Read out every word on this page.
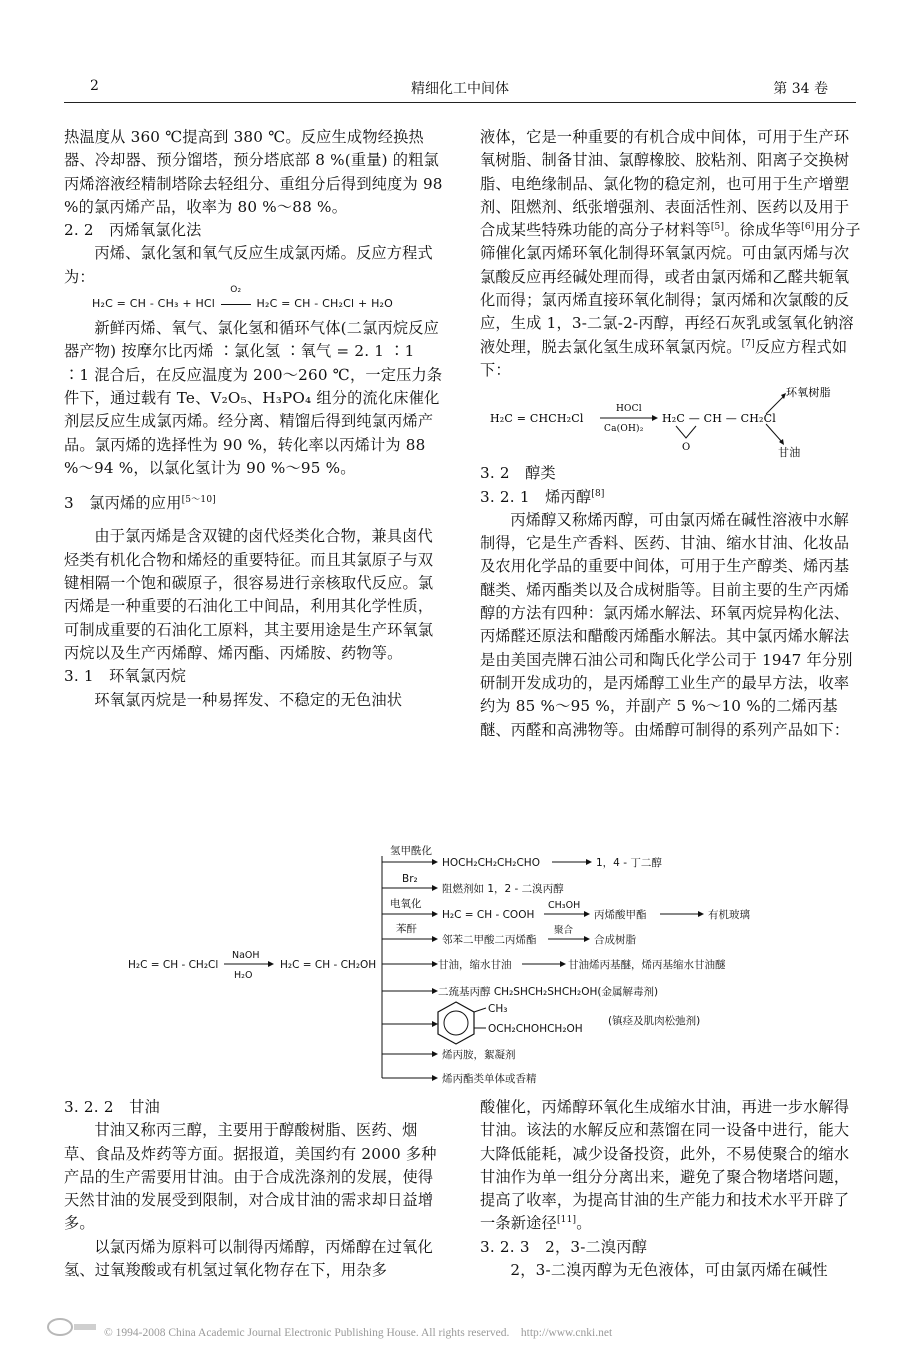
2	精细化工中间体	第 34 卷

热温度从 360 ℃提高到 380 ℃。反应生成物经换热器、冷却器、预分馏塔，预分塔底部 8 %(重量) 的粗氯丙烯溶液经精制塔除去轻组分、重组分后得到纯度为 98 %的氯丙烯产品，收率为 80 %～88 %。

2. 2　丙烯氧氯化法

丙烯、氯化氢和氧气反应生成氯丙烯。反应方程式为：

H₂C = CH - CH₃ + HCl
O₂
H₂C = CH - CH₂Cl + H₂O

新鲜丙烯、氧气、氯化氢和循环气体(二氯丙烷反应器产物) 按摩尔比丙烯 ∶氯化氢 ∶氧气 = 2. 1 ∶1 ∶1 混合后，在反应温度为 200～260 ℃，一定压力条件下，通过载有 Te、V₂O₅、H₃PO₄ 组分的流化床催化剂层反应生成氯丙烯。经分离、精馏后得到纯氯丙烯产品。氯丙烯的选择性为 90 %，转化率以丙烯计为 88 %～94 %，以氯化氢计为 90 %～95 %。

3　氯丙烯的应用[5～10]

由于氯丙烯是含双键的卤代烃类化合物，兼具卤代烃类有机化合物和烯烃的重要特征。而且其氯原子与双键相隔一个饱和碳原子，很容易进行亲核取代反应。氯丙烯是一种重要的石油化工中间品，利用其化学性质，可制成重要的石油化工原料，其主要用途是生产环氧氯丙烷以及生产丙烯醇、烯丙酯、丙烯胺、药物等。

3. 1　环氧氯丙烷

环氧氯丙烷是一种易挥发、不稳定的无色油状

液体，它是一种重要的有机合成中间体，可用于生产环氧树脂、制备甘油、氯醇橡胶、胶粘剂、阳离子交换树脂、电绝缘制品、氯化物的稳定剂，也可用于生产增塑剂、阻燃剂、纸张增强剂、表面活性剂、医药以及用于合成某些特殊功能的高分子材料等[5]。徐成华等[6]用分子筛催化氯丙烯环氧化制得环氧氯丙烷。可由氯丙烯与次氯酸反应再经碱处理而得，或者由氯丙烯和乙醛共轭氧化而得；氯丙烯直接环氧化制得；氯丙烯和次氯酸的反应，生成 1，3-二氯-2-丙醇，再经石灰乳或氢氧化钠溶液处理，脱去氯化氢生成环氧氯丙烷。[7]反应方程式如下：

H₂C = CHCH₂Cl
HOCl
Ca(OH)₂
H₂C — CH — CH₂Cl
O
环氧树脂
甘油

3. 2　醇类

3. 2. 1　烯丙醇[8]

丙烯醇又称烯丙醇，可由氯丙烯在碱性溶液中水解制得，它是生产香料、医药、甘油、缩水甘油、化妆品及农用化学品的重要中间体，可用于生产醇类、烯丙基醚类、烯丙酯类以及合成树脂等。目前主要的生产丙烯醇的方法有四种：氯丙烯水解法、环氧丙烷异构化法、丙烯醛还原法和醋酸丙烯酯水解法。其中氯丙烯水解法是由美国壳牌石油公司和陶氏化学公司于 1947 年分别研制开发成功的，是丙烯醇工业生产的最早方法，收率约为 85 %～95 %，并副产 5 %～10 %的二烯丙基醚、丙醛和高沸物等。由烯醇可制得的系列产品如下：

H₂C = CH - CH₂Cl
NaOH
H₂O
H₂C = CH - CH₂OH
氢甲酰化
HOCH₂CH₂CH₂CHO	1，4 - 丁二醇
Br₂
阻燃剂如 1，2 - 二溴丙醇
电氧化
H₂C = CH - COOH
CH₃OH
丙烯酸甲酯	有机玻璃
苯酐
邻苯二甲酸二丙烯酯
聚合
合成树脂
甘油，缩水甘油	甘油烯丙基醚，烯丙基缩水甘油醚
二巯基丙醇 CH₂SHCH₂SHCH₂OH(金属解毒剂)
CH₃
OCH₂CHOHCH₂OH
(镇痉及肌肉松弛剂)
烯丙胺，絮凝剂
烯丙酯类单体或香精

3. 2. 2　甘油

甘油又称丙三醇，主要用于醇酸树脂、医药、烟草、食品及炸药等方面。据报道，美国约有 2000 多种产品的生产需要用甘油。由于合成洗涤剂的发展，使得天然甘油的发展受到限制，对合成甘油的需求却日益增多。

以氯丙烯为原料可以制得丙烯醇，丙烯醇在过氧化氢、过氧羧酸或有机氢过氧化物存在下，用杂多

酸催化，丙烯醇环氧化生成缩水甘油，再进一步水解得甘油。该法的水解反应和蒸馏在同一设备中进行，能大大降低能耗，减少设备投资，此外，不易使聚合的缩水甘油作为单一组分分离出来，避免了聚合物堵塔问题，提高了收率，为提高甘油的生产能力和技术水平开辟了一条新途径[11]。

3. 2. 3　2，3-二溴丙醇

2，3-二溴丙醇为无色液体，可由氯丙烯在碱性

© 1994-2008 China Academic Journal Electronic Publishing House. All rights reserved.　http://www.cnki.net
